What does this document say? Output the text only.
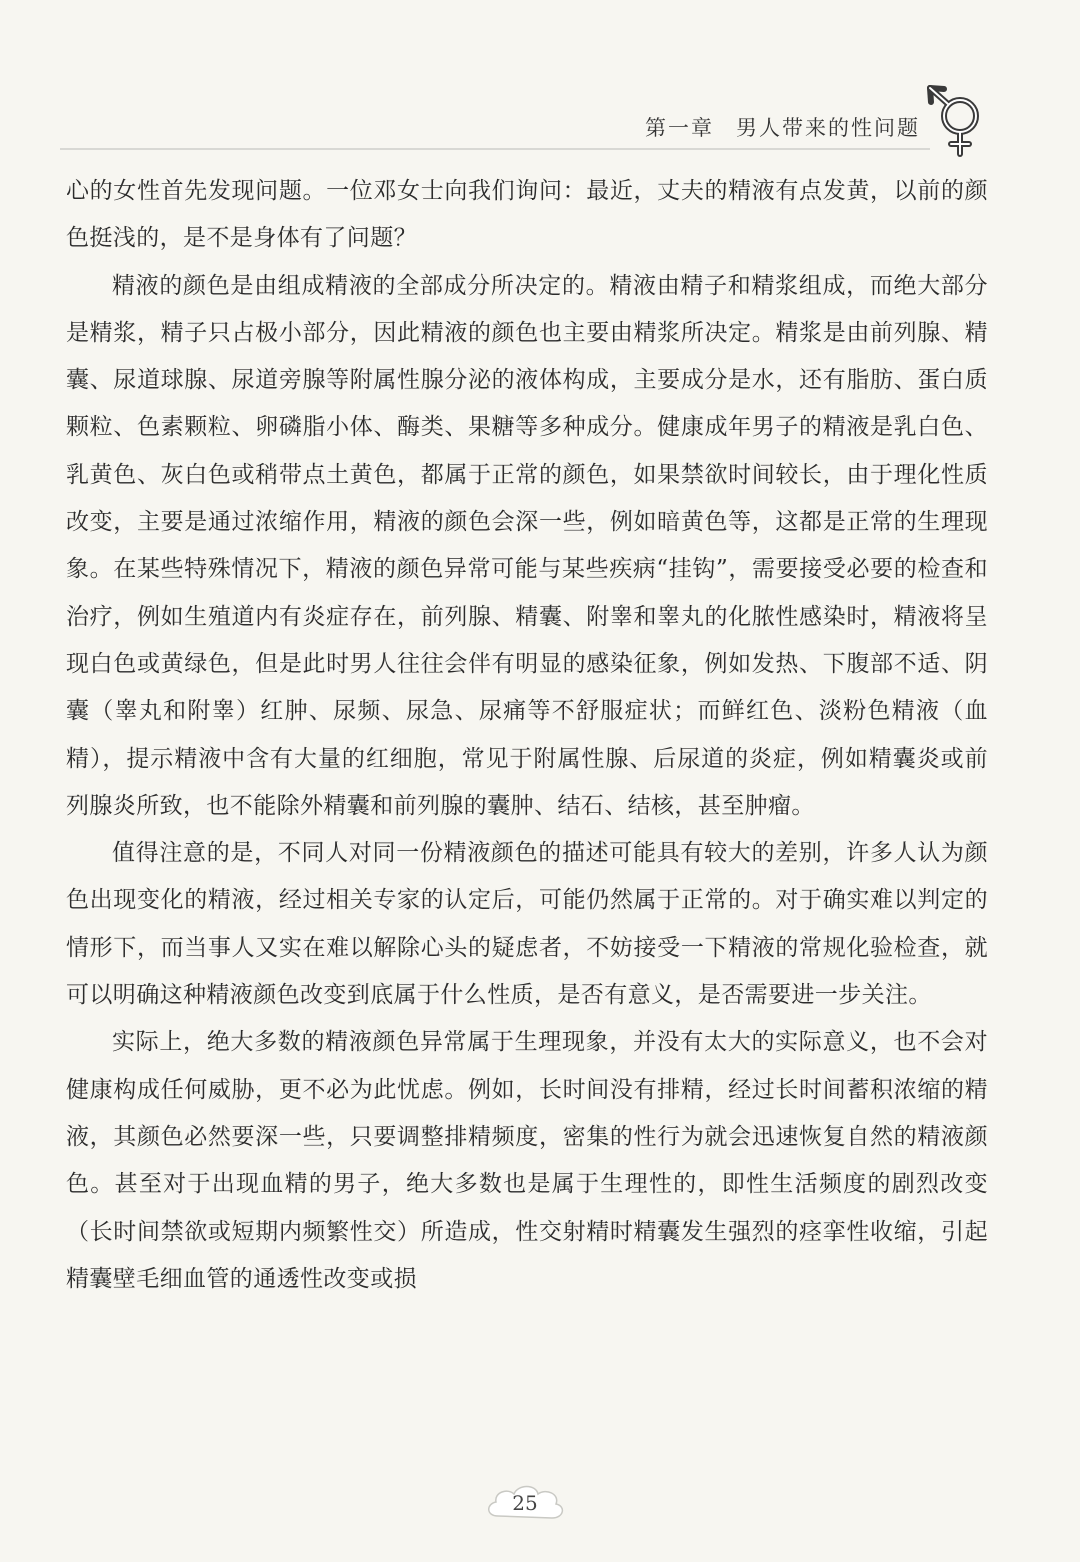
第一章 男人带来的性问题

心的女性首先发现问题。一位邓女士向我们询问：最近，丈夫的精液有点发黄，以前的颜色挺浅的，是不是身体有了问题？

精液的颜色是由组成精液的全部成分所决定的。精液由精子和精浆组成，而绝大部分是精浆，精子只占极小部分，因此精液的颜色也主要由精浆所决定。精浆是由前列腺、精囊、尿道球腺、尿道旁腺等附属性腺分泌的液体构成，主要成分是水，还有脂肪、蛋白质颗粒、色素颗粒、卵磷脂小体、酶类、果糖等多种成分。健康成年男子的精液是乳白色、乳黄色、灰白色或稍带点土黄色，都属于正常的颜色，如果禁欲时间较长，由于理化性质改变，主要是通过浓缩作用，精液的颜色会深一些，例如暗黄色等，这都是正常的生理现象。在某些特殊情况下，精液的颜色异常可能与某些疾病“挂钩”，需要接受必要的检查和治疗，例如生殖道内有炎症存在，前列腺、精囊、附睾和睾丸的化脓性感染时，精液将呈现白色或黄绿色，但是此时男人往往会伴有明显的感染征象，例如发热、下腹部不适、阴囊（睾丸和附睾）红肿、尿频、尿急、尿痛等不舒服症状；而鲜红色、淡粉色精液（血精），提示精液中含有大量的红细胞，常见于附属性腺、后尿道的炎症，例如精囊炎或前列腺炎所致，也不能除外精囊和前列腺的囊肿、结石、结核，甚至肿瘤。

值得注意的是，不同人对同一份精液颜色的描述可能具有较大的差别，许多人认为颜色出现变化的精液，经过相关专家的认定后，可能仍然属于正常的。对于确实难以判定的情形下，而当事人又实在难以解除心头的疑虑者，不妨接受一下精液的常规化验检查，就可以明确这种精液颜色改变到底属于什么性质，是否有意义，是否需要进一步关注。

实际上，绝大多数的精液颜色异常属于生理现象，并没有太大的实际意义，也不会对健康构成任何威胁，更不必为此忧虑。例如，长时间没有排精，经过长时间蓄积浓缩的精液，其颜色必然要深一些，只要调整排精频度，密集的性行为就会迅速恢复自然的精液颜色。甚至对于出现血精的男子，绝大多数也是属于生理性的，即性生活频度的剧烈改变（长时间禁欲或短期内频繁性交）所造成，性交射精时精囊发生强烈的痉挛性收缩，引起精囊壁毛细血管的通透性改变或损

25
